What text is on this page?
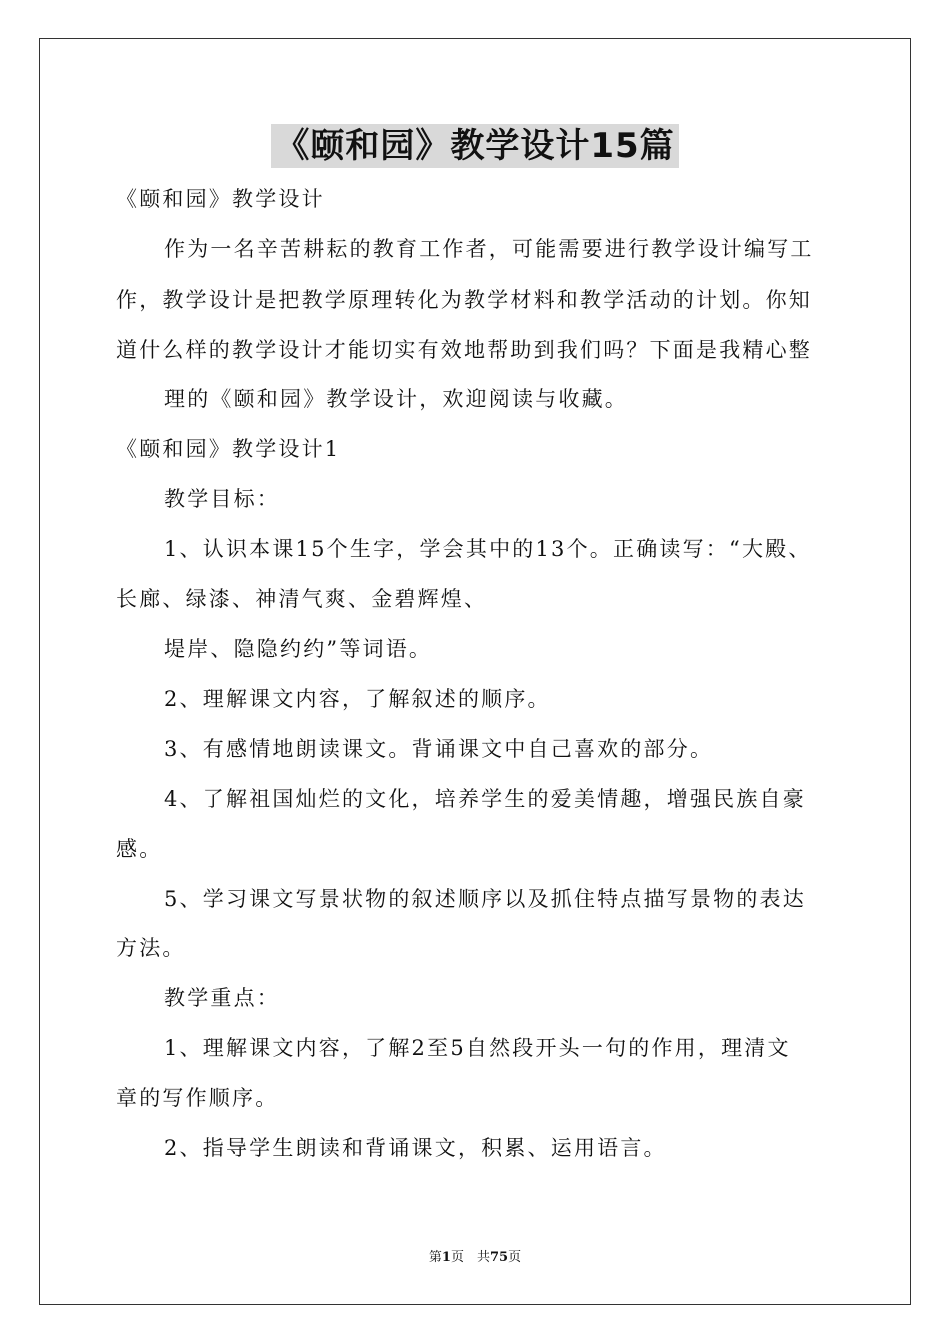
《颐和园》教学设计15篇
《颐和园》教学设计
作为一名辛苦耕耘的教育工作者，可能需要进行教学设计编写工
作，教学设计是把教学原理转化为教学材料和教学活动的计划。你知
道什么样的教学设计才能切实有效地帮助到我们吗？下面是我精心整
理的《颐和园》教学设计，欢迎阅读与收藏。
《颐和园》教学设计1
教学目标：
1、认识本课15个生字，学会其中的13个。正确读写：“大殿、
长廊、绿漆、神清气爽、金碧辉煌、
堤岸、隐隐约约”等词语。
2、理解课文内容，了解叙述的顺序。
3、有感情地朗读课文。背诵课文中自己喜欢的部分。
4、了解祖国灿烂的文化，培养学生的爱美情趣，增强民族自豪
感。
5、学习课文写景状物的叙述顺序以及抓住特点描写景物的表达
方法。
教学重点：
1、理解课文内容，了解2至5自然段开头一句的作用，理清文
章的写作顺序。
2、指导学生朗读和背诵课文，积累、运用语言。
第1页　共75页
